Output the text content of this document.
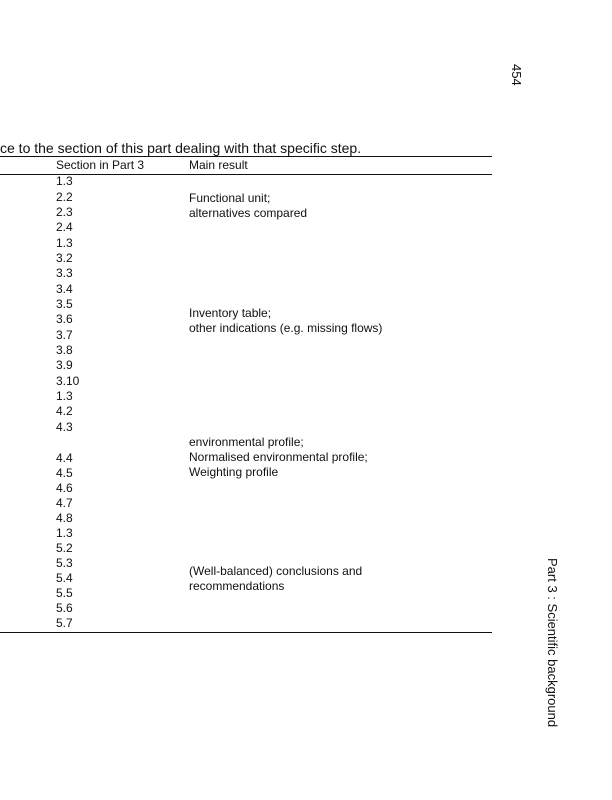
454
Part 3 : Scientific background
ce to the section of this part dealing with that specific step.
Section in Part 3	Main result
1.3
2.2
2.3
2.4
1.3
3.2
3.3
3.4
3.5
3.6
3.7
3.8
3.9
3.10
1.3
4.2
4.3
4.4
4.5
4.6
4.7
4.8
1.3
5.2
5.3
5.4
5.5
5.6
5.7
Functional unit;
alternatives compared
Inventory table;
other indications (e.g. missing flows)
environmental profile;
Normalised environmental profile;
Weighting profile
(Well-balanced) conclusions and
recommendations
